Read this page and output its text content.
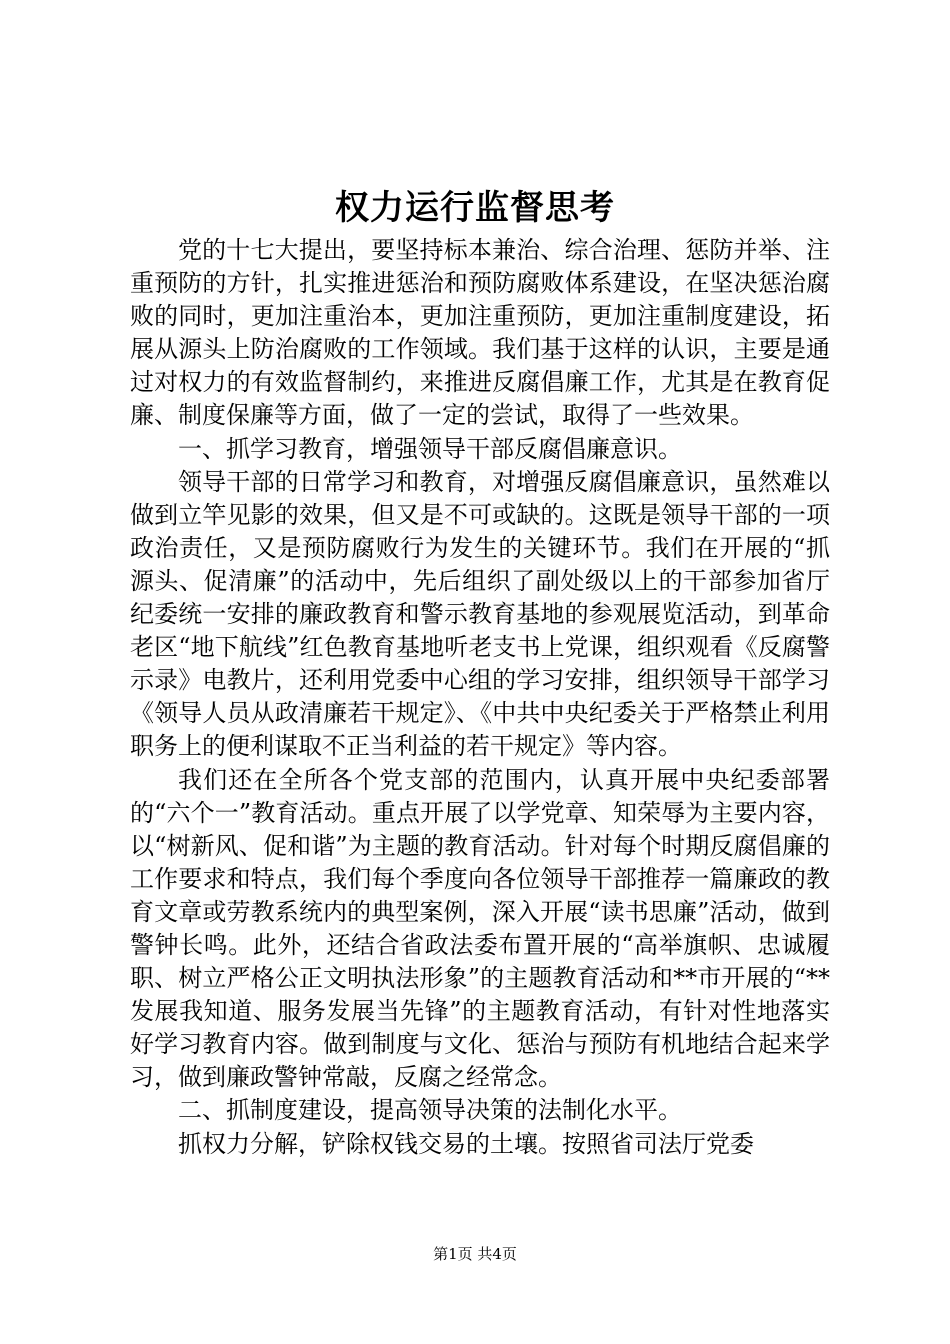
权力运行监督思考

党的十七大提出，要坚持标本兼治、综合治理、惩防并举、注重预防的方针，扎实推进惩治和预防腐败体系建设，在坚决惩治腐败的同时，更加注重治本，更加注重预防，更加注重制度建设，拓展从源头上防治腐败的工作领域。我们基于这样的认识，主要是通过对权力的有效监督制约，来推进反腐倡廉工作，尤其是在教育促廉、制度保廉等方面，做了一定的尝试，取得了一些效果。

一、抓学习教育，增强领导干部反腐倡廉意识。

领导干部的日常学习和教育，对增强反腐倡廉意识，虽然难以做到立竿见影的效果，但又是不可或缺的。这既是领导干部的一项政治责任，又是预防腐败行为发生的关键环节。我们在开展的“抓源头、促清廉”的活动中，先后组织了副处级以上的干部参加省厅纪委统一安排的廉政教育和警示教育基地的参观展览活动，到革命老区“地下航线”红色教育基地听老支书上党课，组织观看《反腐警示录》电教片，还利用党委中心组的学习安排，组织领导干部学习《领导人员从政清廉若干规定》、《中共中央纪委关于严格禁止利用职务上的便利谋取不正当利益的若干规定》等内容。

我们还在全所各个党支部的范围内，认真开展中央纪委部署的“六个一”教育活动。重点开展了以学党章、知荣辱为主要内容，以“树新风、促和谐”为主题的教育活动。针对每个时期反腐倡廉的工作要求和特点，我们每个季度向各位领导干部推荐一篇廉政的教育文章或劳教系统内的典型案例，深入开展“读书思廉”活动，做到警钟长鸣。此外，还结合省政法委布置开展的“高举旗帜、忠诚履职、树立严格公正文明执法形象”的主题教育活动和**市开展的“**发展我知道、服务发展当先锋”的主题教育活动，有针对性地落实好学习教育内容。做到制度与文化、惩治与预防有机地结合起来学习，做到廉政警钟常敲，反腐之经常念。

二、抓制度建设，提高领导决策的法制化水平。

抓权力分解，铲除权钱交易的土壤。按照省司法厅党委

第1页 共4页
